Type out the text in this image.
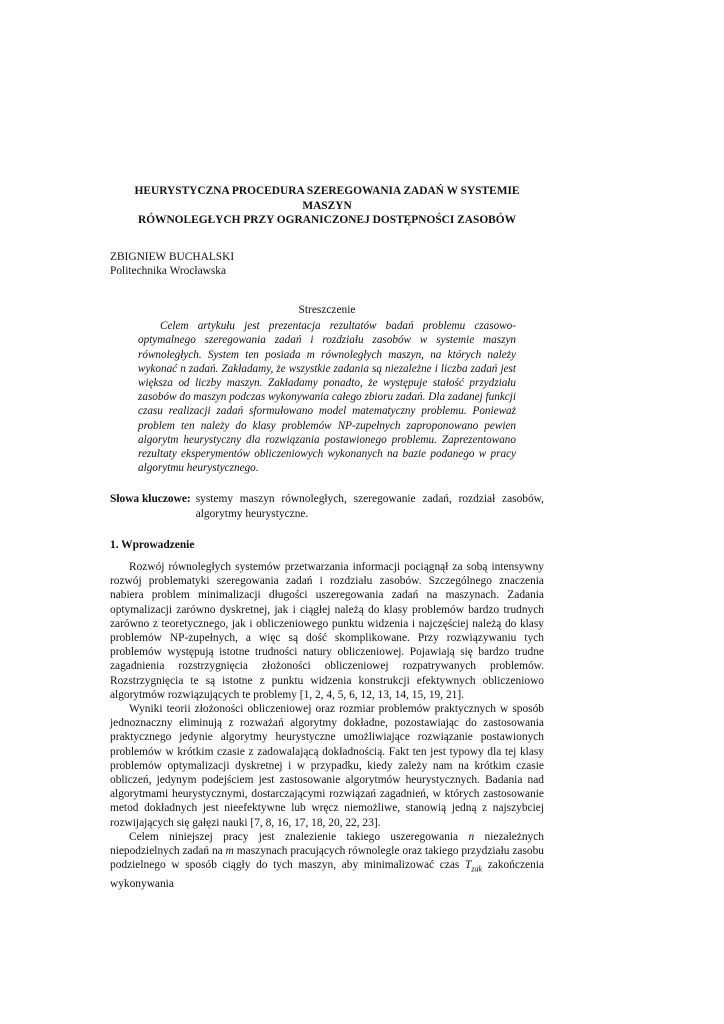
HEURYSTYCZNA PROCEDURA SZEREGOWANIA ZADAŃ W SYSTEMIE MASZYN
RÓWNOLEGŁYCH PRZY OGRANICZONEJ DOSTĘPNOŚCI ZASOBÓW

ZBIGNIEW BUCHALSKI

Politechnika Wrocławska

Streszczenie

Celem artykułu jest prezentacja rezultatów badań problemu czasowo-optymalnego szeregowania zadań i rozdziału zasobów w systemie maszyn równoległych. System ten posiada m równoległych maszyn, na których należy wykonać n zadań. Zakładamy, że wszystkie zadania są niezależne i liczba zadań jest większa od liczby maszyn. Zakładamy ponadto, że występuje stałość przydziału zasobów do maszyn podczas wykonywania całego zbioru zadań. Dla zadanej funkcji czasu realizacji zadań sformułowano model matematyczny problemu. Ponieważ problem ten należy do klasy problemów NP-zupełnych zaproponowano pewien algorytm heurystyczny dla rozwiązania postawionego problemu. Zaprezentowano rezultaty eksperymentów obliczeniowych wykonanych na bazie podanego w pracy algorytmu heurystycznego.

Słowa kluczowe: systemy maszyn równoległych, szeregowanie zadań, rozdział zasobów, algorytmy heurystyczne.
1. Wprowadzenie

Rozwój równoległych systemów przetwarzania informacji pociągnął za sobą intensywny rozwój problematyki szeregowania zadań i rozdziału zasobów. Szczególnego znaczenia nabiera problem minimalizacji długości uszeregowania zadań na maszynach. Zadania optymalizacji zarówno dyskretnej, jak i ciągłej należą do klasy problemów bardzo trudnych zarówno z teoretycznego, jak i obliczeniowego punktu widzenia i najczęściej należą do klasy problemów NP-zupełnych, a więc są dość skomplikowane. Przy rozwiązywaniu tych problemów występują istotne trudności natury obliczeniowej. Pojawiają się bardzo trudne zagadnienia rozstrzygnięcia złożoności obliczeniowej rozpatrywanych problemów. Rozstrzygnięcia te są istotne z punktu widzenia konstrukcji efektywnych obliczeniowo algorytmów rozwiązujących te problemy [1, 2, 4, 5, 6, 12, 13, 14, 15, 19, 21].

Wyniki teorii złożoności obliczeniowej oraz rozmiar problemów praktycznych w sposób jednoznaczny eliminują z rozważań algorytmy dokładne, pozostawiając do zastosowania praktycznego jedynie algorytmy heurystyczne umożliwiające rozwiązanie postawionych problemów w krótkim czasie z zadowalającą dokładnością. Fakt ten jest typowy dla tej klasy problemów optymalizacji dyskretnej i w przypadku, kiedy zależy nam na krótkim czasie obliczeń, jedynym podejściem jest zastosowanie algorytmów heurystycznych. Badania nad algorytmami heurystycznymi, dostarczającymi rozwiązań zagadnień, w których zastosowanie metod dokładnych jest nieefektywne lub wręcz niemożliwe, stanowią jedną z najszybciej rozwijających się gałęzi nauki [7, 8, 16, 17, 18, 20, 22, 23].

Celem niniejszej pracy jest znalezienie takiego uszeregowania n niezależnych niepodzielnych zadań na m maszynach pracujących równolegle oraz takiego przydziału zasobu podzielnego w sposób ciągły do tych maszyn, aby minimalizować czas $T_{zak}$ zakończenia wykonywania
